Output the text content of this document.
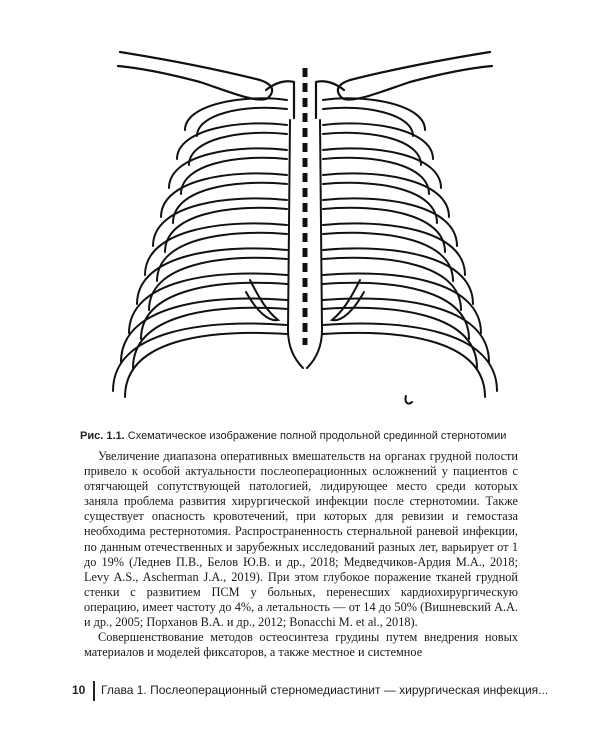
Рис. 1.1. Схематическое изображение полной продольной срединной стернотомии

Увеличение диапазона оперативных вмешательств на органах грудной полости привело к особой актуальности послеоперационных осложнений у пациентов с отягчающей сопутствующей патологией, лидирующее место среди которых заняла проблема развития хирургической инфекции после стернотомии. Также существует опасность кровотечений, при которых для ревизии и гемостаза необходима рестернотомия. Распространенность стернальной раневой инфекции, по данным отечественных и зарубежных исследований разных лет, варьирует от 1 до 19% (Леднев П.В., Белов Ю.В. и др., 2018; Медведчиков-Ардия М.А., 2018; Levy A.S., Ascherman J.A., 2019). При этом глубокое поражение тканей грудной стенки с развитием ПСМ у больных, перенесших кардиохирургическую операцию, имеет частоту до 4%, а летальность — от 14 до 50% (Вишневский А.А. и др., 2005; Порханов В.А. и др., 2012; Bonacchi M. et al., 2018).

Совершенствование методов остеосинтеза грудины путем внедрения новых материалов и моделей фиксаторов, а также местное и системное

10 Глава 1. Послеоперационный стерномедиастинит — хирургическая инфекция...
